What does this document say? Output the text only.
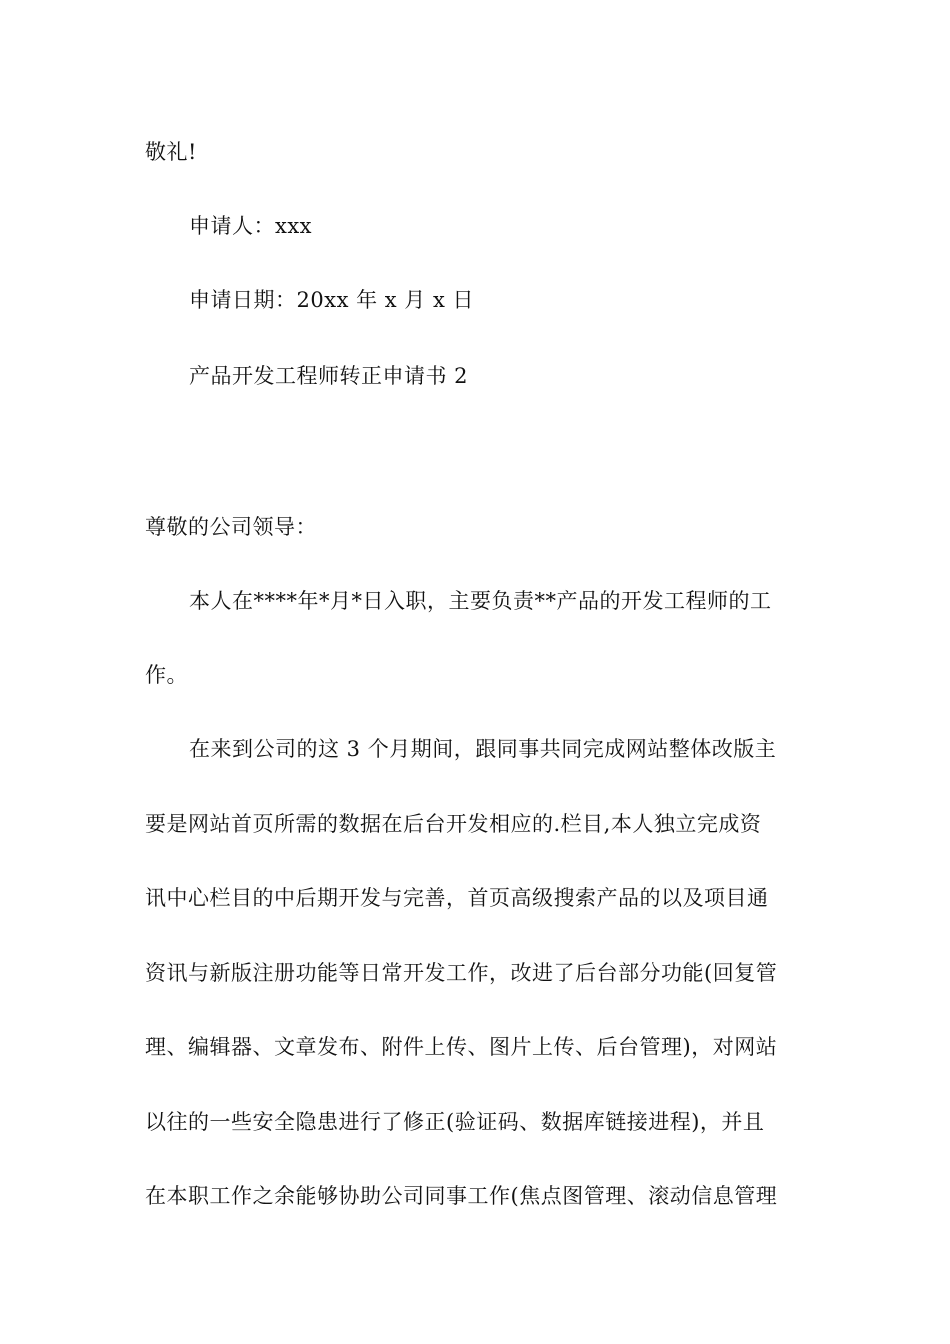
敬礼!
申请人：xxx
申请日期：20xx 年 x 月 x 日
产品开发工程师转正申请书 2
尊敬的公司领导：
本人在****年*月*日入职，主要负责**产品的开发工程师的工
作。
在来到公司的这 3 个月期间，跟同事共同完成网站整体改版主
要是网站首页所需的数据在后台开发相应的.栏目,本人独立完成资
讯中心栏目的中后期开发与完善，首页高级搜索产品的以及项目通
资讯与新版注册功能等日常开发工作，改进了后台部分功能(回复管
理、编辑器、文章发布、附件上传、图片上传、后台管理)，对网站
以往的一些安全隐患进行了修正(验证码、数据库链接进程)，并且
在本职工作之余能够协助公司同事工作(焦点图管理、滚动信息管理
